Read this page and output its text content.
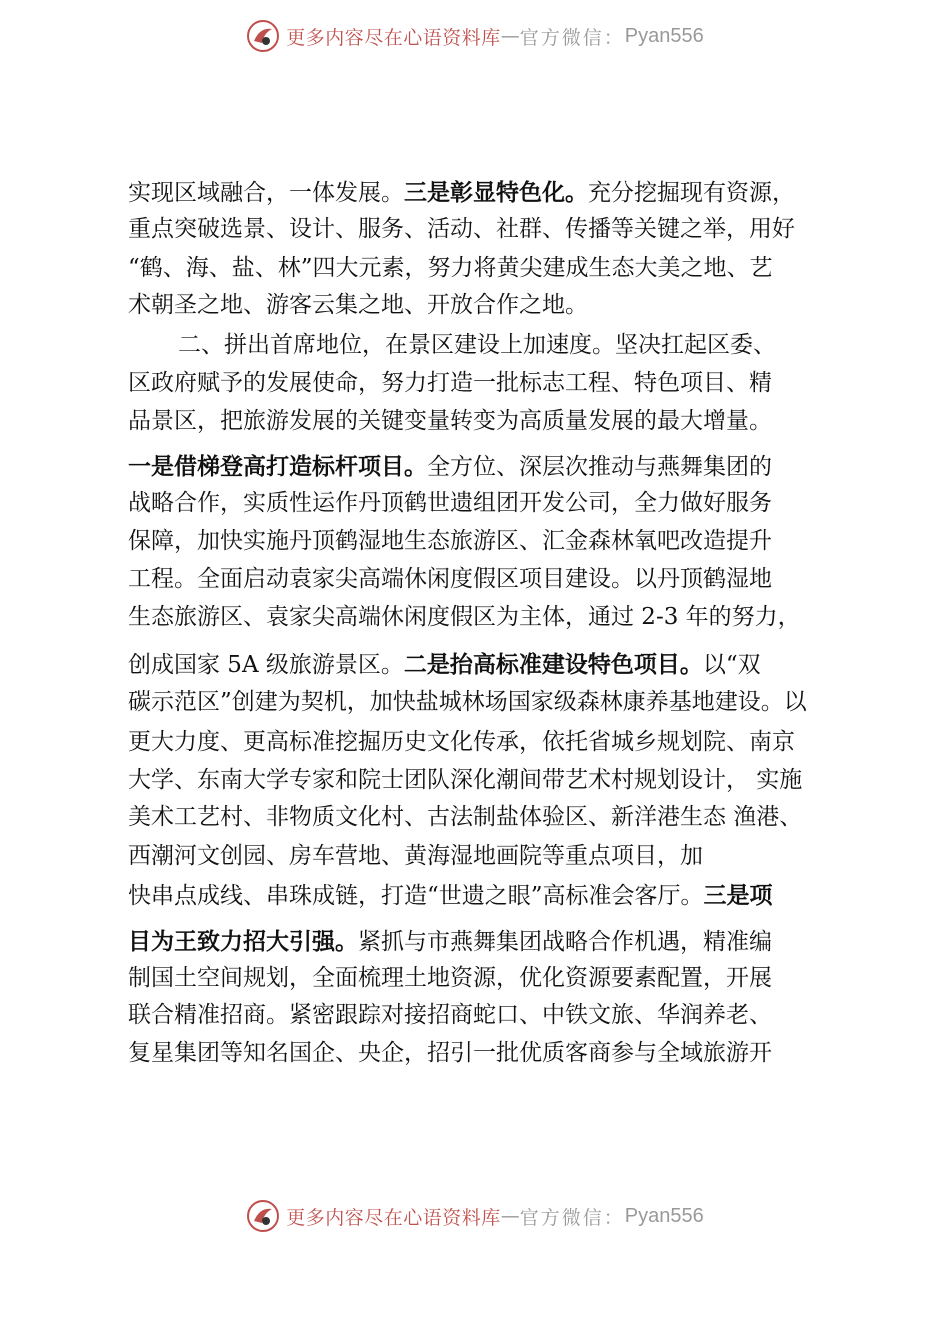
更多内容尽在心语资料库 — 官方微信： Pyan556
实现区域融合，一体发展。三是彰显特色化。充分挖掘现有资源，
重点突破选景、设计、服务、活动、社群、传播等关键之举，用好
“鹤、海、盐、林”四大元素，努力将黄尖建成生态大美之地、艺
术朝圣之地、游客云集之地、开放合作之地。
二、拼出首席地位，在景区建设上加速度。坚决扛起区委、
区政府赋予的发展使命，努力打造一批标志工程、特色项目、精
品景区，把旅游发展的关键变量转变为高质量发展的最大增量。
一是借梯登高打造标杆项目。全方位、深层次推动与燕舞集团的
战略合作，实质性运作丹顶鹤世遗组团开发公司，全力做好服务
保障，加快实施丹顶鹤湿地生态旅游区、汇金森林氧吧改造提升
工程。全面启动袁家尖高端休闲度假区项目建设。以丹顶鹤湿地
生态旅游区、袁家尖高端休闲度假区为主体，通过 2-3 年的努力，
创成国家 5A 级旅游景区。二是抬高标准建设特色项目。以“双
碳示范区”创建为契机，加快盐城林场国家级森林康养基地建设。以
更大力度、更高标准挖掘历史文化传承，依托省城乡规划院、南京
大学、东南大学专家和院士团队深化潮间带艺术村规划设计， 实施
美术工艺村、非物质文化村、古法制盐体验区、新洋港生态 渔港、
西潮河文创园、房车营地、黄海湿地画院等重点项目，加
快串点成线、串珠成链，打造“世遗之眼”高标准会客厅。三是项
目为王致力招大引强。紧抓与市燕舞集团战略合作机遇，精准编
制国土空间规划，全面梳理土地资源，优化资源要素配置，开展
联合精准招商。紧密跟踪对接招商蛇口、中铁文旅、华润养老、
复星集团等知名国企、央企，招引一批优质客商参与全域旅游开
更多内容尽在心语资料库 — 官方微信： Pyan556
